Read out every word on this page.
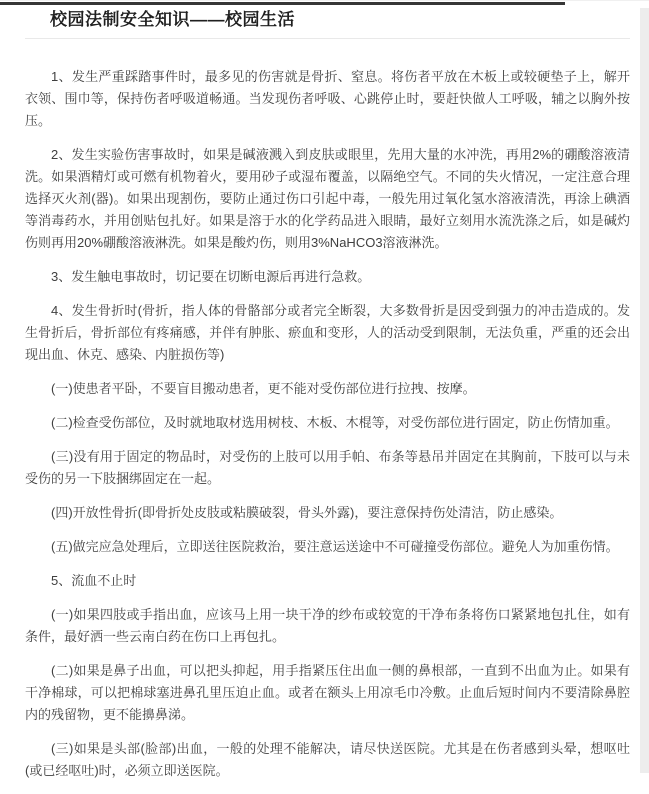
校园法制安全知识——校园生活

1、发生严重踩踏事件时，最多见的伤害就是骨折、窒息。将伤者平放在木板上或较硬垫子上，解开衣领、围巾等，保持伤者呼吸道畅通。当发现伤者呼吸、心跳停止时，要赶快做人工呼吸，辅之以胸外按压。

2、发生实验伤害事故时，如果是碱液溅入到皮肤或眼里，先用大量的水冲洗，再用2%的硼酸溶液清洗。如果酒精灯或可燃有机物着火，要用砂子或湿布覆盖，以隔绝空气。不同的失火情况，一定注意合理选择灭火剂(器)。如果出现割伤，要防止通过伤口引起中毒，一般先用过氧化氢水溶液清洗，再涂上碘酒等消毒药水，并用创贴包扎好。如果是溶于水的化学药品进入眼睛，最好立刻用水流洗涤之后，如是碱灼伤则再用20%硼酸溶液淋洗。如果是酸灼伤，则用3%NaHCO3溶液淋洗。

3、发生触电事故时，切记要在切断电源后再进行急救。

4、发生骨折时(骨折，指人体的骨骼部分或者完全断裂，大多数骨折是因受到强力的冲击造成的。发生骨折后，骨折部位有疼痛感，并伴有肿胀、瘀血和变形，人的活动受到限制，无法负重，严重的还会出现出血、休克、感染、内脏损伤等)

(一)使患者平卧，不要盲目搬动患者，更不能对受伤部位进行拉拽、按摩。

(二)检查受伤部位，及时就地取材选用树枝、木板、木棍等，对受伤部位进行固定，防止伤情加重。

(三)没有用于固定的物品时，对受伤的上肢可以用手帕、布条等悬吊并固定在其胸前，下肢可以与未受伤的另一下肢捆绑固定在一起。

(四)开放性骨折(即骨折处皮肢或粘膜破裂，骨头外露)，要注意保持伤处清洁，防止感染。

(五)做完应急处理后，立即送往医院救治，要注意运送途中不可碰撞受伤部位。避免人为加重伤情。

5、流血不止时

(一)如果四肢或手指出血，应该马上用一块干净的纱布或较宽的干净布条将伤口紧紧地包扎住，如有条件，最好洒一些云南白药在伤口上再包扎。

(二)如果是鼻子出血，可以把头抑起，用手指紧压住出血一侧的鼻根部，一直到不出血为止。如果有干净棉球，可以把棉球塞进鼻孔里压迫止血。或者在额头上用凉毛巾冷敷。止血后短时间内不要清除鼻腔内的残留物，更不能擤鼻涕。

(三)如果是头部(脸部)出血，一般的处理不能解决，请尽快送医院。尤其是在伤者感到头晕，想呕吐(或已经呕吐)时，必须立即送医院。
